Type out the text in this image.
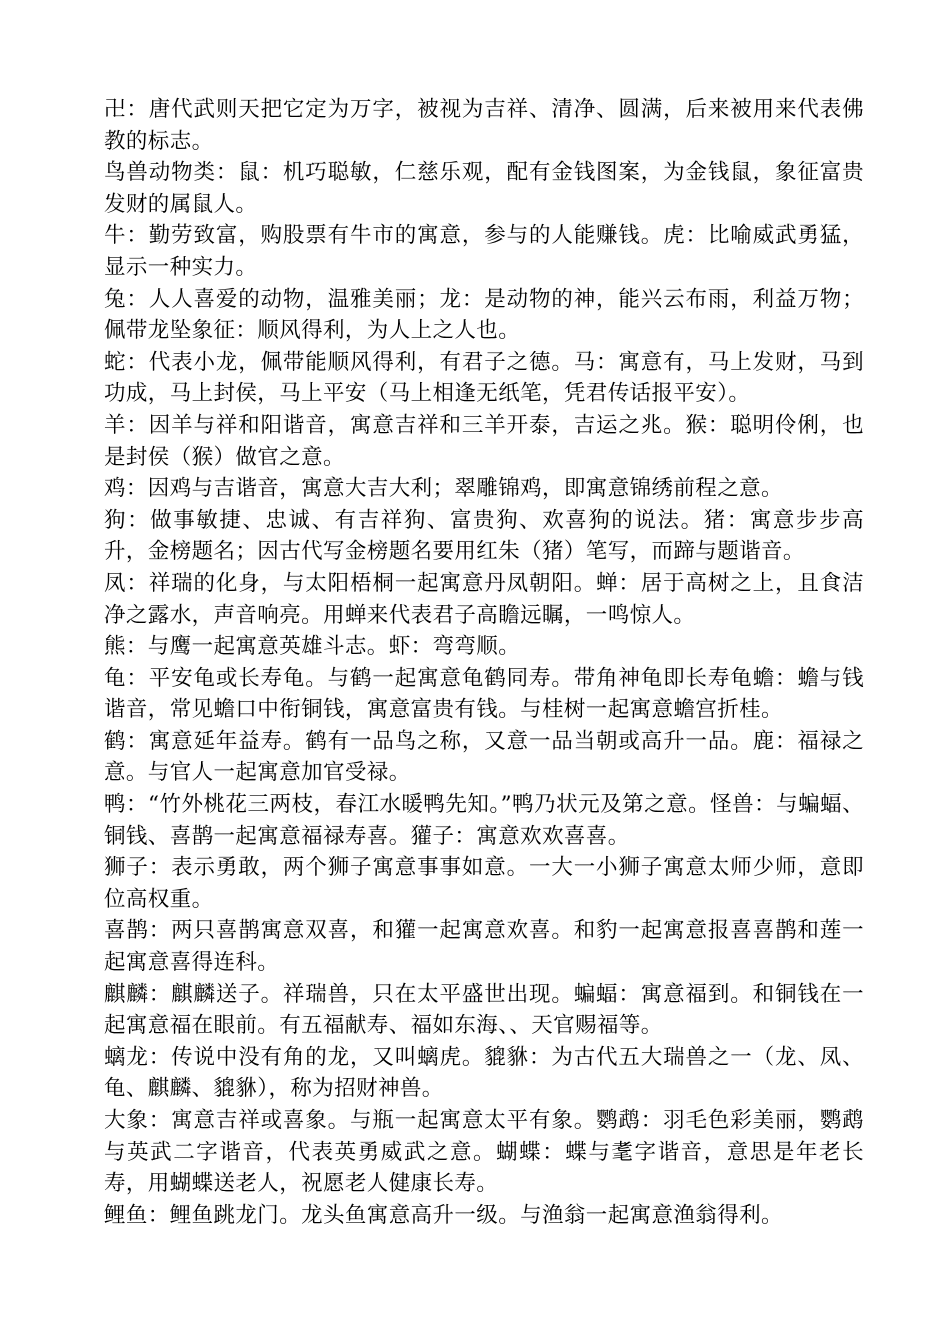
卍：唐代武则天把它定为万字，被视为吉祥、清净、圆满，后来被用来代表佛教的标志。

鸟兽动物类：鼠：机巧聪敏，仁慈乐观，配有金钱图案，为金钱鼠，象征富贵发财的属鼠人。

牛：勤劳致富，购股票有牛市的寓意，参与的人能赚钱。虎：比喻威武勇猛，显示一种实力。

兔：人人喜爱的动物，温雅美丽；龙：是动物的神，能兴云布雨，利益万物；佩带龙坠象征：顺风得利，为人上之人也。

蛇：代表小龙，佩带能顺风得利，有君子之德。马：寓意有，马上发财，马到功成，马上封侯，马上平安（马上相逢无纸笔，凭君传话报平安）。

羊：因羊与祥和阳谐音，寓意吉祥和三羊开泰，吉运之兆。猴：聪明伶俐，也是封侯（猴）做官之意。

鸡：因鸡与吉谐音，寓意大吉大利；翠雕锦鸡，即寓意锦绣前程之意。

狗：做事敏捷、忠诚、有吉祥狗、富贵狗、欢喜狗的说法。猪：寓意步步高升，金榜题名；因古代写金榜题名要用红朱（猪）笔写，而蹄与题谐音。

凤：祥瑞的化身，与太阳梧桐一起寓意丹凤朝阳。蝉：居于高树之上，且食洁净之露水，声音响亮。用蝉来代表君子高瞻远瞩，一鸣惊人。

熊：与鹰一起寓意英雄斗志。虾：弯弯顺。

龟：平安龟或长寿龟。与鹤一起寓意龟鹤同寿。带角神龟即长寿龟蟾：蟾与钱谐音，常见蟾口中衔铜钱，寓意富贵有钱。与桂树一起寓意蟾宫折桂。

鹤：寓意延年益寿。鹤有一品鸟之称，又意一品当朝或高升一品。鹿：福禄之意。与官人一起寓意加官受禄。

鸭：“竹外桃花三两枝，春江水暖鸭先知。”鸭乃状元及第之意。怪兽：与蝙蝠、铜钱、喜鹊一起寓意福禄寿喜。獾子：寓意欢欢喜喜。

狮子：表示勇敢，两个狮子寓意事事如意。一大一小狮子寓意太师少师，意即位高权重。

喜鹊：两只喜鹊寓意双喜，和獾一起寓意欢喜。和豹一起寓意报喜喜鹊和莲一起寓意喜得连科。

麒麟：麒麟送子。祥瑞兽，只在太平盛世出现。蝙蝠：寓意福到。和铜钱在一起寓意福在眼前。有五福献寿、福如东海、、天官赐福等。

螭龙：传说中没有角的龙，又叫螭虎。貔貅：为古代五大瑞兽之一（龙、凤、龟、麒麟、貔貅），称为招财神兽。

大象：寓意吉祥或喜象。与瓶一起寓意太平有象。鹦鹉：羽毛色彩美丽，鹦鹉与英武二字谐音，代表英勇威武之意。蝴蝶：蝶与耄字谐音，意思是年老长寿，用蝴蝶送老人，祝愿老人健康长寿。

鲤鱼：鲤鱼跳龙门。龙头鱼寓意高升一级。与渔翁一起寓意渔翁得利。
